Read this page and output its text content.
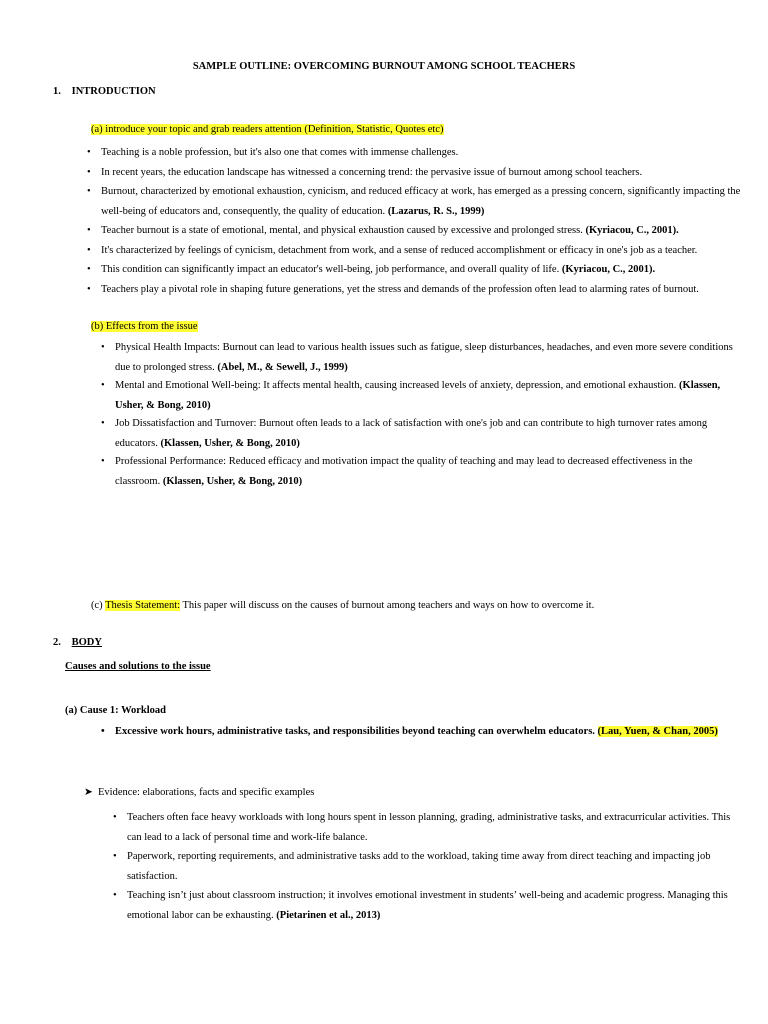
SAMPLE OUTLINE: OVERCOMING BURNOUT AMONG SCHOOL TEACHERS

1. INTRODUCTION

(a) introduce your topic and grab readers attention (Definition, Statistic, Quotes etc)

• Teaching is a noble profession, but it's also one that comes with immense challenges.
• In recent years, the education landscape has witnessed a concerning trend: the pervasive issue of burnout among school teachers.
• Burnout, characterized by emotional exhaustion, cynicism, and reduced efficacy at work, has emerged as a pressing concern, significantly impacting the well-being of educators and, consequently, the quality of education. (Lazarus, R. S., 1999)
• Teacher burnout is a state of emotional, mental, and physical exhaustion caused by excessive and prolonged stress. (Kyriacou, C., 2001).
• It's characterized by feelings of cynicism, detachment from work, and a sense of reduced accomplishment or efficacy in one's job as a teacher.
• This condition can significantly impact an educator's well-being, job performance, and overall quality of life. (Kyriacou, C., 2001).
• Teachers play a pivotal role in shaping future generations, yet the stress and demands of the profession often lead to alarming rates of burnout.

(b) Effects from the issue

• Physical Health Impacts: Burnout can lead to various health issues such as fatigue, sleep disturbances, headaches, and even more severe conditions due to prolonged stress. (Abel, M., & Sewell, J., 1999)
• Mental and Emotional Well-being: It affects mental health, causing increased levels of anxiety, depression, and emotional exhaustion. (Klassen, Usher, & Bong, 2010)
• Job Dissatisfaction and Turnover: Burnout often leads to a lack of satisfaction with one's job and can contribute to high turnover rates among educators. (Klassen, Usher, & Bong, 2010)
• Professional Performance: Reduced efficacy and motivation impact the quality of teaching and may lead to decreased effectiveness in the classroom. (Klassen, Usher, & Bong, 2010)

(c) Thesis Statement: This paper will discuss on the causes of burnout among teachers and ways on how to overcome it.

2. BODY

Causes and solutions to the issue

(a) Cause 1: Workload

• Excessive work hours, administrative tasks, and responsibilities beyond teaching can overwhelm educators. (Lau, Yuen, & Chan, 2005)

➤ Evidence: elaborations, facts and specific examples

• Teachers often face heavy workloads with long hours spent in lesson planning, grading, administrative tasks, and extracurricular activities. This can lead to a lack of personal time and work-life balance.
• Paperwork, reporting requirements, and administrative tasks add to the workload, taking time away from direct teaching and impacting job satisfaction.
• Teaching isn’t just about classroom instruction; it involves emotional investment in students’ well-being and academic progress. Managing this emotional labor can be exhausting. (Pietarinen et al., 2013)
